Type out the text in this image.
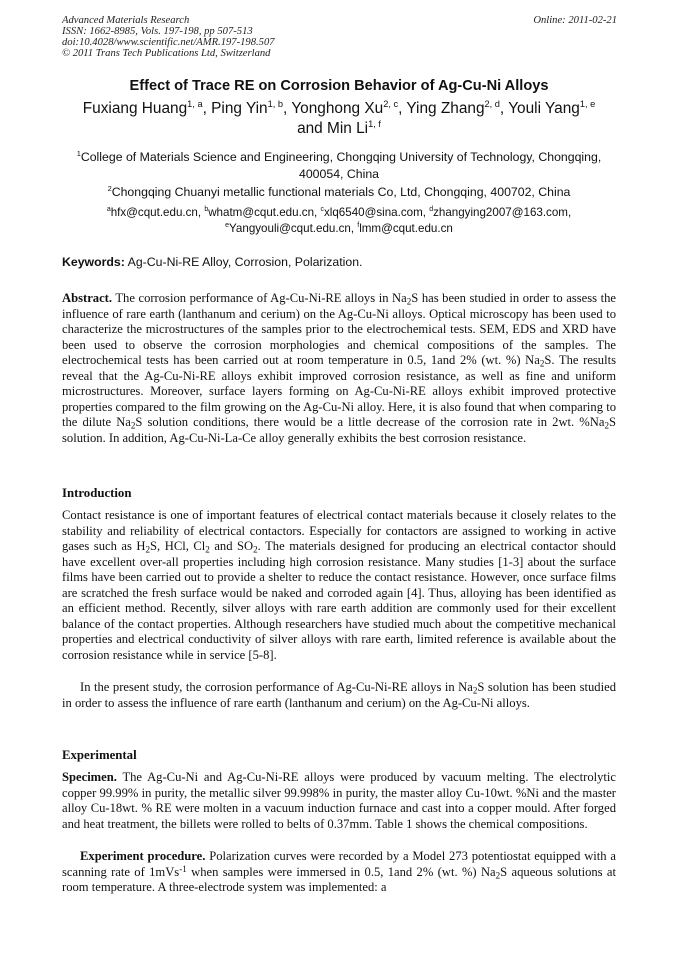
Advanced Materials Research
ISSN: 1662-8985, Vols. 197-198, pp 507-513
doi:10.4028/www.scientific.net/AMR.197-198.507
© 2011 Trans Tech Publications Ltd, Switzerland
Online: 2011-02-21
Effect of Trace RE on Corrosion Behavior of Ag-Cu-Ni Alloys
Fuxiang Huang$^{1, a}$, Ping Yin$^{1, b}$, Yonghong Xu$^{2, c}$, Ying Zhang$^{2, d}$, Youli Yang$^{1, e}$
and Min Li$^{1, f}$
$^1$College of Materials Science and Engineering, Chongqing University of Technology, Chongqing,
400054, China
$^2$Chongqing Chuanyi metallic functional materials Co, Ltd, Chongqing, 400702, China
$^a$hfx@cqut.edu.cn, $^b$whatm@cqut.edu.cn, $^c$xlq6540@sina.com, $^d$zhangying2007@163.com,
$^e$Yangyouli@cqut.edu.cn, $^f$lmm@cqut.edu.cn
Keywords: Ag-Cu-Ni-RE Alloy, Corrosion, Polarization.
Abstract. The corrosion performance of Ag-Cu-Ni-RE alloys in $Na_2S$ has been studied in order to assess the influence of rare earth (lanthanum and cerium) on the Ag-Cu-Ni alloys. Optical microscopy has been used to characterize the microstructures of the samples prior to the electrochemical tests. SEM, EDS and XRD have been used to observe the corrosion morphologies and chemical compositions of the samples. The electrochemical tests has been carried out at room temperature in 0.5, 1and 2% (wt. %) $Na_2S$. The results reveal that the Ag-Cu-Ni-RE alloys exhibit improved corrosion resistance, as well as fine and uniform microstructures. Moreover, surface layers forming on Ag-Cu-Ni-RE alloys exhibit improved protective properties compared to the film growing on the Ag-Cu-Ni alloy. Here, it is also found that when comparing to the dilute $Na_2S$ solution conditions, there would be a little decrease of the corrosion rate in 2wt. $\%Na_2S$ solution. In addition, Ag-Cu-Ni-La-Ce alloy generally exhibits the best corrosion resistance.
Introduction
Contact resistance is one of important features of electrical contact materials because it closely relates to the stability and reliability of electrical contactors. Especially for contactors are assigned to working in active gases such as $H_2S$, HCl, $Cl_2$ and $SO_2$. The materials designed for producing an electrical contactor should have excellent over-all properties including high corrosion resistance. Many studies [1-3] about the surface films have been carried out to provide a shelter to reduce the contact resistance. However, once surface films are scratched the fresh surface would be naked and corroded again [4]. Thus, alloying has been identified as an efficient method. Recently, silver alloys with rare earth addition are commonly used for their excellent balance of the contact properties. Although researchers have studied much about the competitive mechanical properties and electrical conductivity of silver alloys with rare earth, limited reference is available about the corrosion resistance while in service [5-8].
In the present study, the corrosion performance of Ag-Cu-Ni-RE alloys in $Na_2S$ solution has been studied in order to assess the influence of rare earth (lanthanum and cerium) on the Ag-Cu-Ni alloys.
Experimental
Specimen. The Ag-Cu-Ni and Ag-Cu-Ni-RE alloys were produced by vacuum melting. The electrolytic copper 99.99% in purity, the metallic silver 99.998% in purity, the master alloy Cu-10wt. %Ni and the master alloy Cu-18wt. % RE were molten in a vacuum induction furnace and cast into a copper mould. After forged and heat treatment, the billets were rolled to belts of 0.37mm. Table 1 shows the chemical compositions.
Experiment procedure. Polarization curves were recorded by a Model 273 potentiostat equipped with a scanning rate of 1mVs$^{-1}$ when samples were immersed in 0.5, 1and 2% (wt. %) $Na_2S$ aqueous solutions at room temperature. A three-electrode system was implemented: a
